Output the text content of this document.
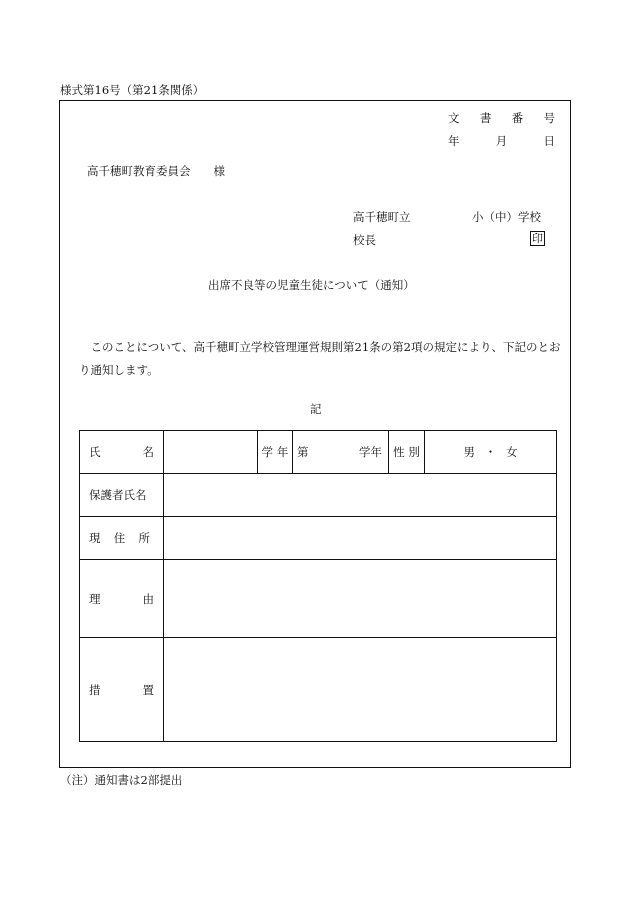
様式第16号（第21条関係）
文 書 番 号
年	月	日
高千穂町教育委員会　　様
高千穂町立	小（中）学校
校長	印
出席不良等の児童生徒について（通知）
　このことについて、高千穂町立学校管理運営規則第21条の第2項の規定により、下記のとお
り通知します。
記
氏 名		学 年	第 学年	性 別	男 ・ 女

保護者氏名					

現 住 所					

理 由					

措 置					

（注）通知書は2部提出
